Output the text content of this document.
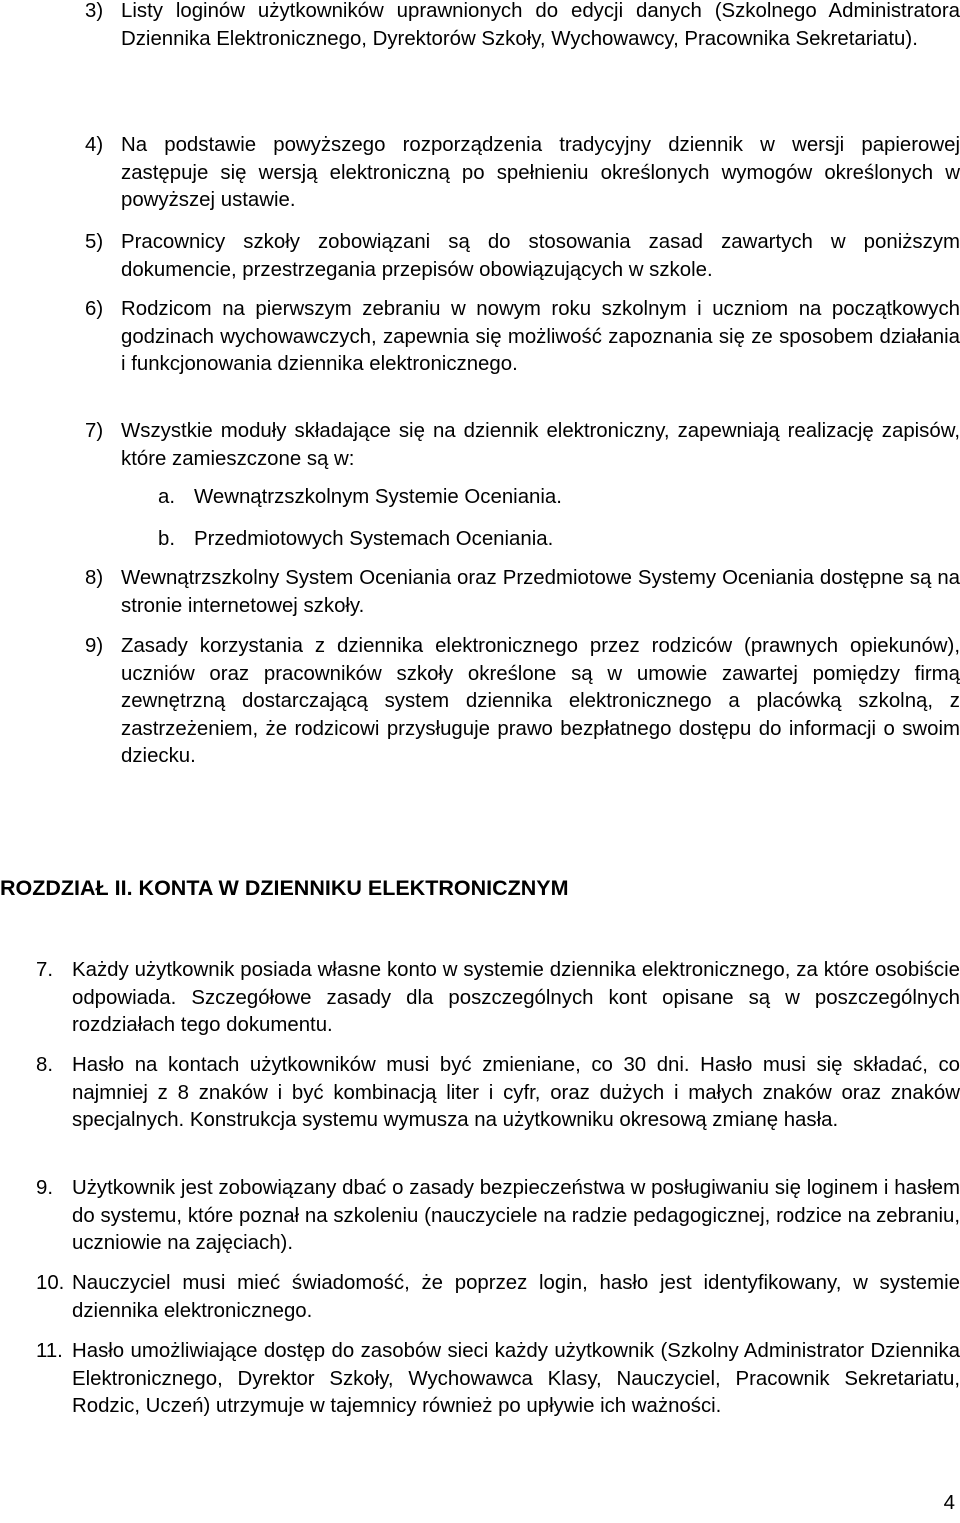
3) Listy loginów użytkowników uprawnionych do edycji danych (Szkolnego Administratora Dziennika Elektronicznego, Dyrektorów Szkoły, Wychowawcy, Pracownika Sekretariatu).
4) Na podstawie powyższego rozporządzenia tradycyjny dziennik w wersji papierowej zastępuje się wersją elektroniczną po spełnieniu określonych wymogów określonych w powyższej ustawie.
5) Pracownicy szkoły zobowiązani są do stosowania zasad zawartych w poniższym dokumencie, przestrzegania przepisów obowiązujących w szkole.
6) Rodzicom na pierwszym zebraniu w nowym roku szkolnym i uczniom na początkowych godzinach wychowawczych, zapewnia się możliwość zapoznania się ze sposobem działania i funkcjonowania dziennika elektronicznego.
7) Wszystkie moduły składające się na dziennik elektroniczny, zapewniają realizację zapisów, które zamieszczone są w:
a. Wewnątrzszkolnym Systemie Oceniania.
b. Przedmiotowych Systemach Oceniania.
8) Wewnątrzszkolny System Oceniania oraz Przedmiotowe Systemy Oceniania dostępne są na stronie internetowej szkoły.
9) Zasady korzystania z dziennika elektronicznego przez rodziców (prawnych opiekunów), uczniów oraz pracowników szkoły określone są w umowie zawartej pomiędzy firmą zewnętrzną dostarczającą system dziennika elektronicznego a placówką szkolną, z zastrzeżeniem, że rodzicowi przysługuje prawo bezpłatnego dostępu do informacji o swoim dziecku.
ROZDZIAŁ II. KONTA W DZIENNIKU ELEKTRONICZNYM
7. Każdy użytkownik posiada własne konto w systemie dziennika elektronicznego, za które osobiście odpowiada. Szczegółowe zasady dla poszczególnych kont opisane są w poszczególnych rozdziałach tego dokumentu.
8. Hasło na kontach użytkowników musi być zmieniane, co 30 dni. Hasło musi się składać, co najmniej z 8 znaków i być kombinacją liter i cyfr, oraz dużych i małych znaków oraz znaków specjalnych. Konstrukcja systemu wymusza na użytkowniku okresową zmianę hasła.
9. Użytkownik jest zobowiązany dbać o zasady bezpieczeństwa w posługiwaniu się loginem i hasłem do systemu, które poznał na szkoleniu (nauczyciele na radzie pedagogicznej, rodzice na zebraniu, uczniowie na zajęciach).
10. Nauczyciel musi mieć świadomość, że poprzez login, hasło jest identyfikowany, w systemie dziennika elektronicznego.
11. Hasło umożliwiające dostęp do zasobów sieci każdy użytkownik (Szkolny Administrator Dziennika Elektronicznego, Dyrektor Szkoły, Wychowawca Klasy, Nauczyciel, Pracownik Sekretariatu, Rodzic, Uczeń) utrzymuje w tajemnicy również po upływie ich ważności.
4
